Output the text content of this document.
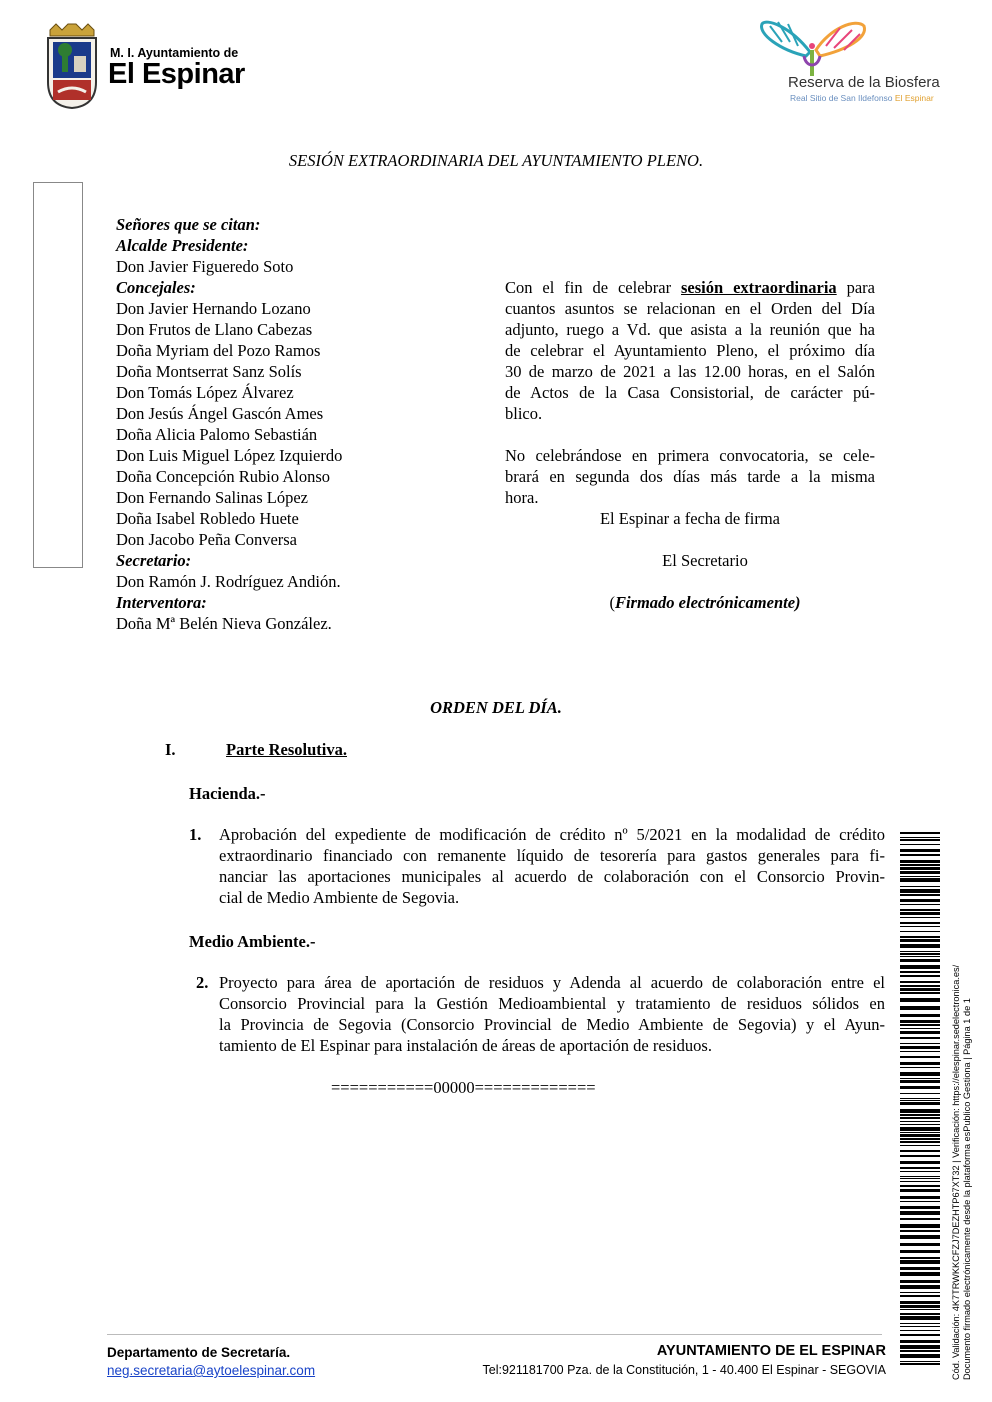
M. I. Ayuntamiento de
El Espinar	Reserva de la Biosfera
Real Sitio de San Ildefonso El Espinar
SESIÓN EXTRAORDINARIA DEL AYUNTAMIENTO PLENO.
Señores que se citan:
Alcalde Presidente:
Don Javier Figueredo Soto
Concejales:
Don Javier Hernando Lozano
Don Frutos de Llano Cabezas
Doña Myriam del Pozo Ramos
Doña Montserrat Sanz Solís
Don Tomás López Álvarez
Don Jesús Ángel Gascón Ames
Doña Alicia Palomo Sebastián
Don Luis Miguel López Izquierdo
Doña Concepción Rubio Alonso
Don Fernando Salinas López
Doña Isabel Robledo Huete
Don Jacobo Peña Conversa
Secretario:
Don Ramón J. Rodríguez Andión.
Interventora:
Doña Mª Belén Nieva González.
Con el fin de celebrar sesión extraordinaria para
cuantos asuntos se relacionan en el Orden del Día
adjunto, ruego a Vd. que asista a la reunión que ha
de celebrar el Ayuntamiento Pleno, el próximo día
30 de marzo de 2021 a las 12.00 horas, en el Salón
de Actos de la Casa Consistorial, de carácter pú-
blico.
No celebrándose en primera convocatoria, se cele-
brará en segunda dos días más tarde a la misma
hora.
El Espinar a fecha de firma
El Secretario
(Firmado electrónicamente)
ORDEN DEL DÍA.
I.	Parte Resolutiva.
Hacienda.-
1. Aprobación del expediente de modificación de crédito nº 5/2021 en la modalidad de crédito
extraordinario financiado con remanente líquido de tesorería para gastos generales para fi-
nanciar las aportaciones municipales al acuerdo de colaboración con el Consorcio Provin-
cial de Medio Ambiente de Segovia.
Medio Ambiente.-
2. Proyecto para área de aportación de residuos y Adenda al acuerdo de colaboración entre el
Consorcio Provincial para la Gestión Medioambiental y tratamiento de residuos sólidos en
la Provincia de Segovia (Consorcio Provincial de Medio Ambiente de Segovia) y el Ayun-
tamiento de El Espinar para instalación de áreas de aportación de residuos.
===========00000=============	Cód. Validación: 4K7TRWKKCFZJ7DEZHTP67XT32 | Verificación: https://elespinar.sedelectronica.es/ Documento firmado electrónicamente desde la plataforma esPublico Gestiona | Página 1 de 1
Departamento de Secretaría.
neg.secretaria@aytoelespinar.com
AYUNTAMIENTO DE EL ESPINAR
Tel:921181700 Pza. de la Constitución, 1 - 40.400 El Espinar - SEGOVIA
